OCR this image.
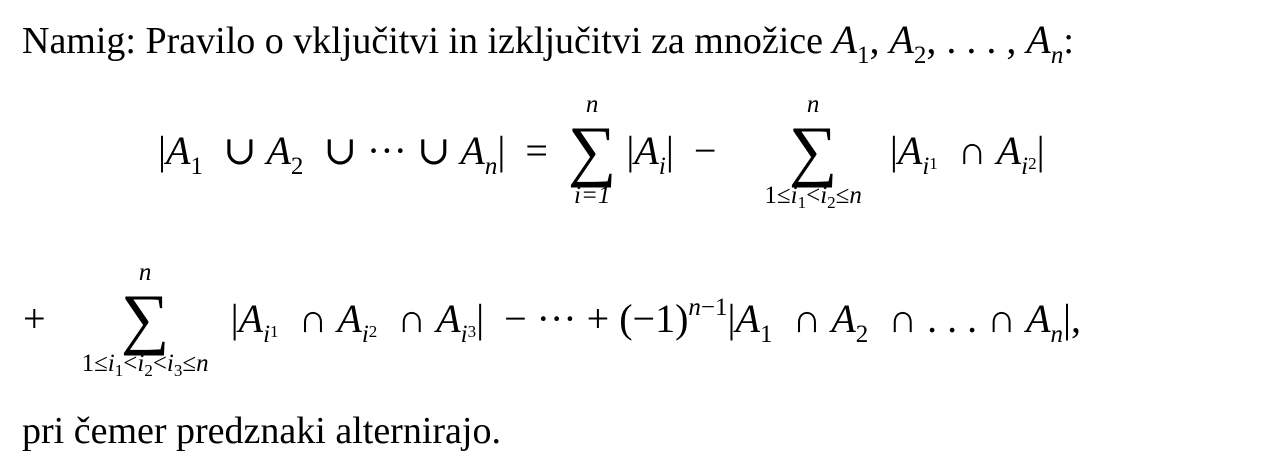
Namig: Pravilo o vključitvi in izključitvi za množice $A_1$, $A_2$, . . . , $A_n$:
$|A_1$ ∪ $A_2$ ∪ ··· ∪ $A_n|$ =
n
∑
i=1
$|A_i|$ −
n
∑
$1\le i_1<i_2\le n$
$|A_i1$ ∩ $A_i2|$
+
n
∑
$1\le i_1<i_2<i_3\le n$
$|A_i1$ ∩ $A_i2$ ∩ $A_i3|$ − ··· + $(-1)^{n-1}|A_1$ ∩ $A_2$ ∩ . . . ∩ $A_n|$,
pri čemer predznaki alternirajo.
